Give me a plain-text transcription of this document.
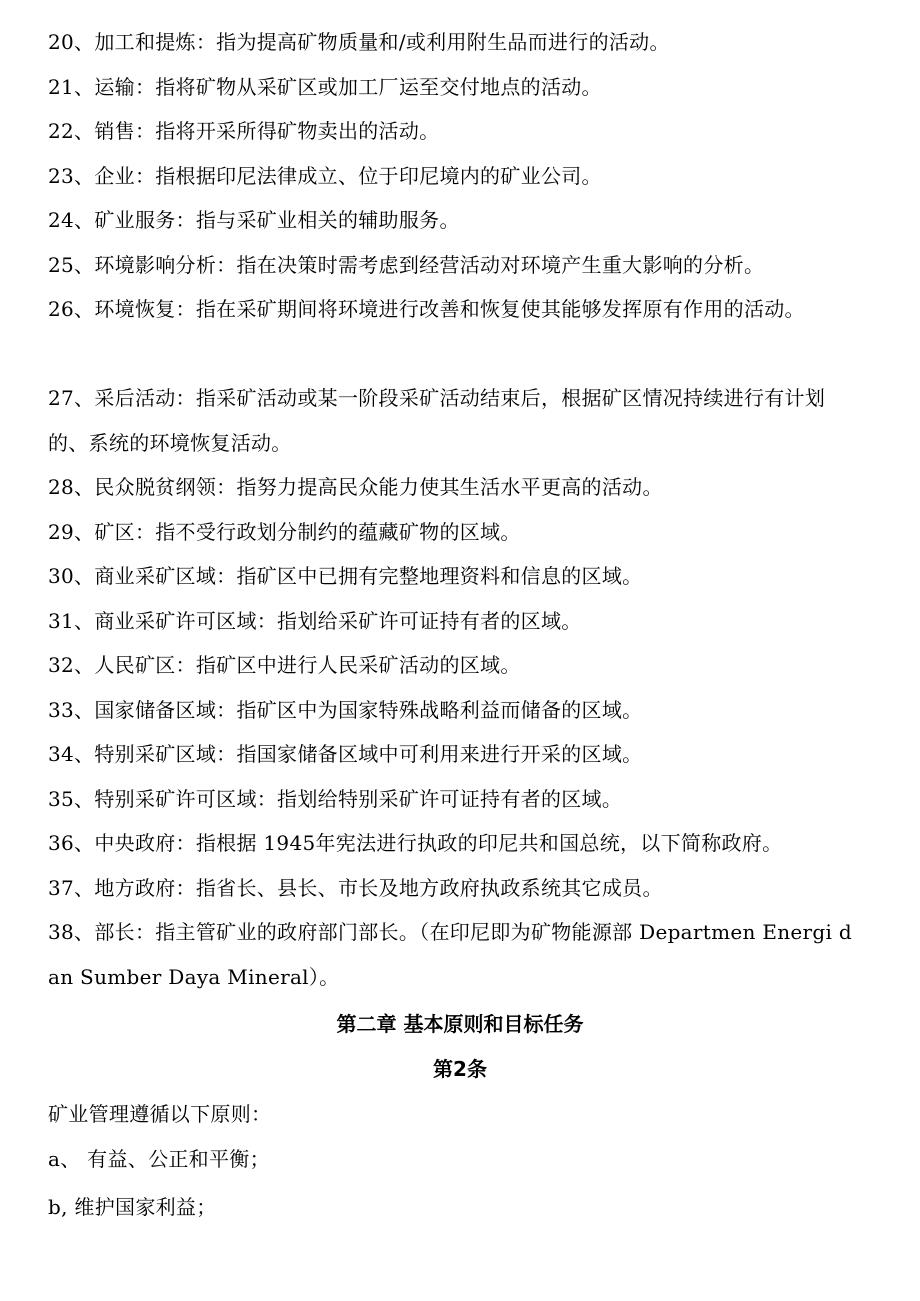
20、加工和提炼：指为提高矿物质量和/或利用附生品而进行的活动。
21、运输：指将矿物从采矿区或加工厂运至交付地点的活动。
22、销售：指将开采所得矿物卖出的活动。
23、企业：指根据印尼法律成立、位于印尼境内的矿业公司。
24、矿业服务：指与采矿业相关的辅助服务。
25、环境影响分析：指在决策时需考虑到经营活动对环境产生重大影响的分析。
26、环境恢复：指在采矿期间将环境进行改善和恢复使其能够发挥原有作用的活动。
27、采后活动：指采矿活动或某一阶段采矿活动结束后，根据矿区情况持续进行有计划的、系统的环境恢复活动。
28、民众脱贫纲领：指努力提高民众能力使其生活水平更高的活动。
29、矿区：指不受行政划分制约的蕴藏矿物的区域。
30、商业采矿区域：指矿区中已拥有完整地理资料和信息的区域。
31、商业采矿许可区域：指划给采矿许可证持有者的区域。
32、人民矿区：指矿区中进行人民采矿活动的区域。
33、国家储备区域：指矿区中为国家特殊战略利益而储备的区域。
34、特别采矿区域：指国家储备区域中可利用来进行开采的区域。
35、特别采矿许可区域：指划给特别采矿许可证持有者的区域。
36、中央政府：指根据 1945年宪法进行执政的印尼共和国总统，以下简称政府。
37、地方政府：指省长、县长、市长及地方政府执政系统其它成员。
38、部长：指主管矿业的政府部门部长。（在印尼即为矿物能源部 Departmen Energi dan Sumber Daya Mineral）。
第二章 基本原则和目标任务
第2条
矿业管理遵循以下原则：
a、 有益、公正和平衡；
b, 维护国家利益；
